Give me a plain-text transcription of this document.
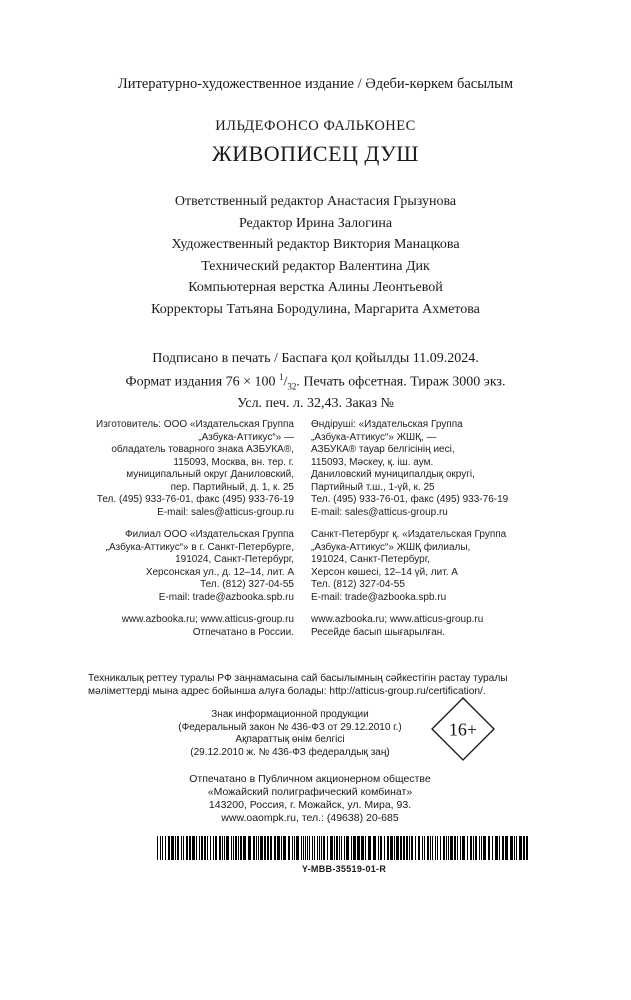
Литературно-художественное издание / Әдеби-көркем басылым
ИЛЬДЕФОНСО ФАЛЬКОНЕС
ЖИВОПИСЕЦ ДУШ
Ответственный редактор Анастасия Грызунова
Редактор Ирина Залогина
Художественный редактор Виктория Манацкова
Технический редактор Валентина Дик
Компьютерная верстка Алины Леонтьевой
Корректоры Татьяна Бородулина, Маргарита Ахметова
Подписано в печать / Баспаға қол қойылды 11.09.2024.
Формат издания 76 × 100 $^1/_{32}$. Печать офсетная. Тираж 3000 экз.
Усл. печ. л. 32,43. Заказ №
Изготовитель: ООО «Издательская Группа
„Азбука-Аттикус“» —
обладатель товарного знака АЗБУКА®,
115093, Москва, вн. тер. г.
муниципальный округ Даниловский,
пер. Партийный, д. 1, к. 25
Тел. (495) 933-76-01, факс (495) 933-76-19
E-mail: sales@atticus-group.ru
Филиал ООО «Издательская Группа
„Азбука-Аттикус“» в г. Санкт-Петербурге,
191024, Санкт-Петербург,
Херсонская ул., д. 12–14, лит. А
Тел. (812) 327-04-55
E-mail: trade@azbooka.spb.ru
www.azbooka.ru; www.atticus-group.ru
Отпечатано в России.
Өндіруші: «Издательская Группа
„Азбука-Аттикус“» ЖШҚ, —
АЗБУКА® тауар белгісінің иесі,
115093, Мәскеу, қ. іш. аум.
Даниловский муниципалдық округі,
Партийный т.ш., 1-үй, к. 25
Тел. (495) 933-76-01, факс (495) 933-76-19
E-mail: sales@atticus-group.ru
Санкт-Петербург қ. «Издательская Группа
„Азбука-Аттикус“» ЖШҚ филиалы,
191024, Санкт-Петербург,
Херсон көшесі, 12–14 үй, лит. А
Тел. (812) 327-04-55
E-mail: trade@azbooka.spb.ru
www.azbooka.ru; www.atticus-group.ru
Ресейде басып шығарылған.
Техникалық реттеу туралы РФ заңнамасына сай басылымның сәйкестігін растау туралы
мәліметтерді мына адрес бойынша алуға болады: http://atticus-group.ru/certification/.
Знак информационной продукции
(Федеральный закон № 436-ФЗ от 29.12.2010 г.)
Ақпараттық өнім белгісі
(29.12.2010 ж. № 436-ФЗ федералдық заң)
16+
Отпечатано в Публичном акционерном обществе
«Можайский полиграфический комбинат»
143200, Россия, г. Можайск, ул. Мира, 93.
www.oaompk.ru, тел.: (49638) 20-685
Y-MBB-35519-01-R
